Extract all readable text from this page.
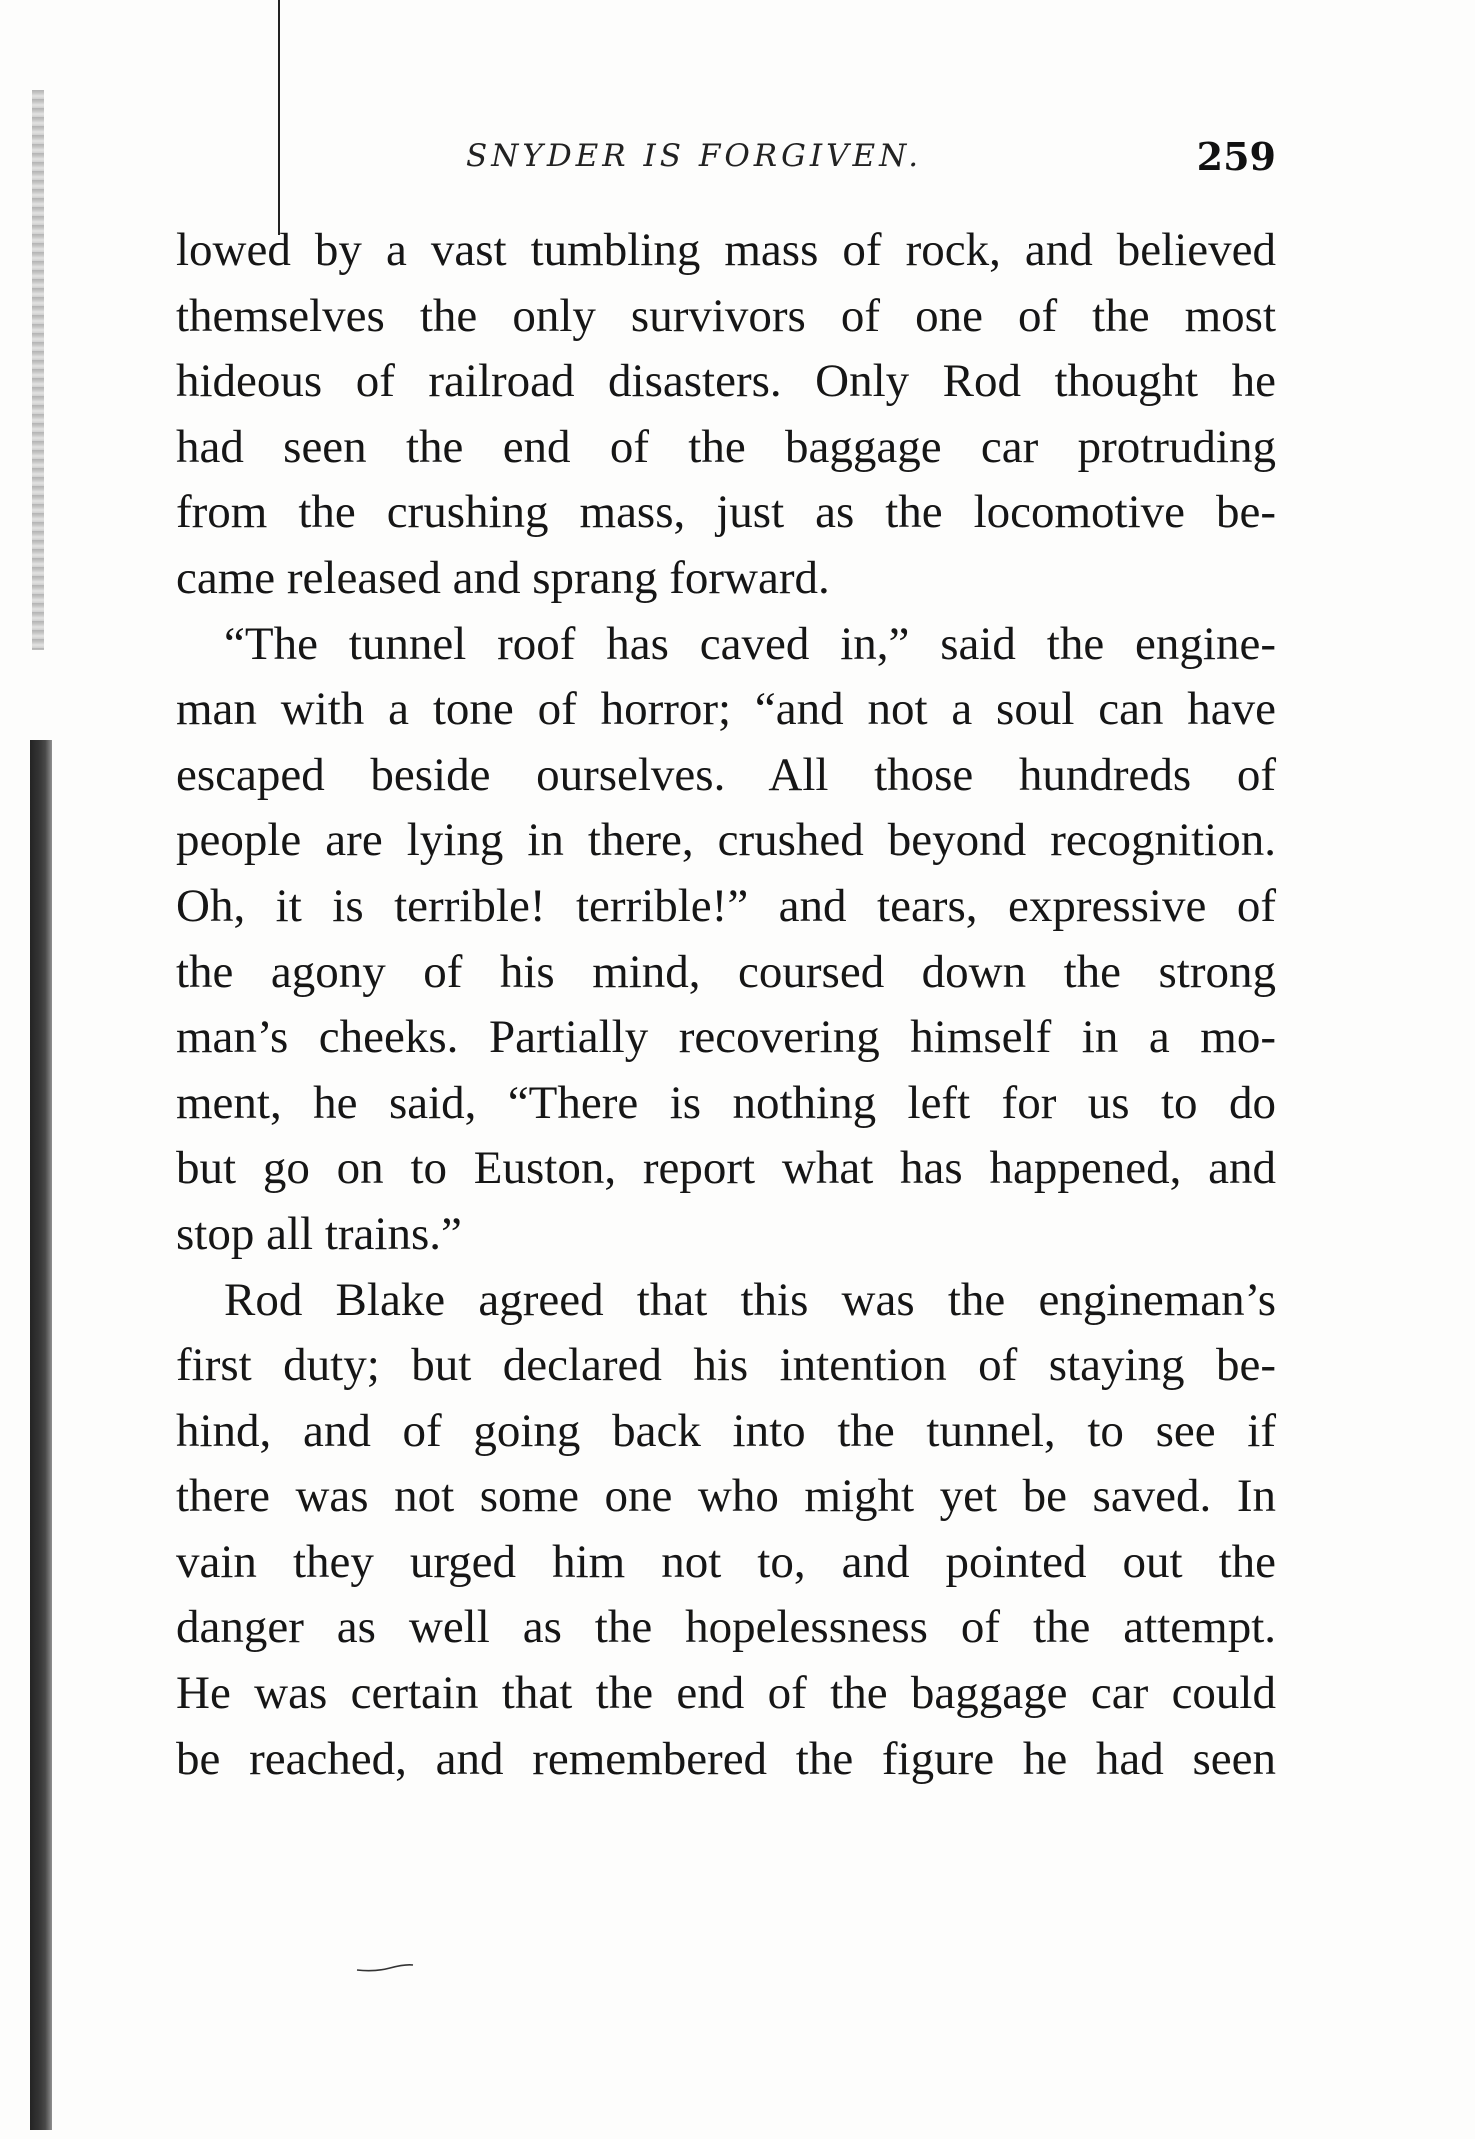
SNYDER IS FORGIVEN.	259
lowed by a vast tumbling mass of rock, and believed
themselves the only survivors of one of the most
hideous of railroad disasters. Only Rod thought he
had seen the end of the baggage car protruding
from the crushing mass, just as the locomotive be-
came released and sprang forward.
“The tunnel roof has caved in,” said the engine-
man with a tone of horror; “and not a soul can have
escaped beside ourselves. All those hundreds of
people are lying in there, crushed beyond recognition.
Oh, it is terrible! terrible!” and tears, expressive of
the agony of his mind, coursed down the strong
man’s cheeks. Partially recovering himself in a mo-
ment, he said, “There is nothing left for us to do
but go on to Euston, report what has happened, and
stop all trains.”
Rod Blake agreed that this was the engineman’s
first duty; but declared his intention of staying be-
hind, and of going back into the tunnel, to see if
there was not some one who might yet be saved. In
vain they urged him not to, and pointed out the
danger as well as the hopelessness of the attempt.
He was certain that the end of the baggage car could
be reached, and remembered the figure he had seen
